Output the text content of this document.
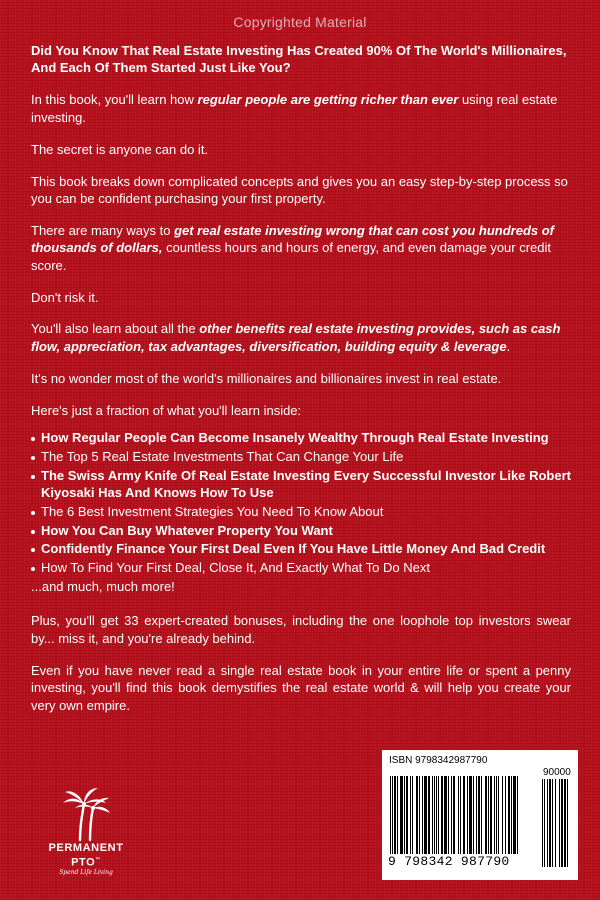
Copyrighted Material

Did You Know That Real Estate Investing Has Created 90% Of The World's Millionaires, And Each Of Them Started Just Like You?

In this book, you'll learn how regular people are getting richer than ever using real estate investing.

The secret is anyone can do it.

This book breaks down complicated concepts and gives you an easy step-by-step process so you can be confident purchasing your first property.

There are many ways to get real estate investing wrong that can cost you hundreds of thousands of dollars, countless hours and hours of energy, and even damage your credit score.

Don't risk it.

You'll also learn about all the other benefits real estate investing provides, such as cash flow, appreciation, tax advantages, diversification, building equity & leverage.

It's no wonder most of the world's millionaires and billionaires invest in real estate.

Here's just a fraction of what you'll learn inside:

How Regular People Can Become Insanely Wealthy Through Real Estate Investing
The Top 5 Real Estate Investments That Can Change Your Life
The Swiss Army Knife Of Real Estate Investing Every Successful Investor Like Robert Kiyosaki Has And Knows How To Use
The 6 Best Investment Strategies You Need To Know About
How You Can Buy Whatever Property You Want
Confidently Finance Your First Deal Even If You Have Little Money And Bad Credit
How To Find Your First Deal, Close It, And Exactly What To Do Next
...and much, much more!

Plus, you'll get 33 expert-created bonuses, including the one loophole top investors swear by... miss it, and you're already behind.

Even if you have never read a single real estate book in your entire life or spent a penny investing, you'll find this book demystifies the real estate world & will help you create your very own empire.

PERMANENT
PTO™
Spend Life Living
ISBN 9798342987790
90000
9 798342 987790
